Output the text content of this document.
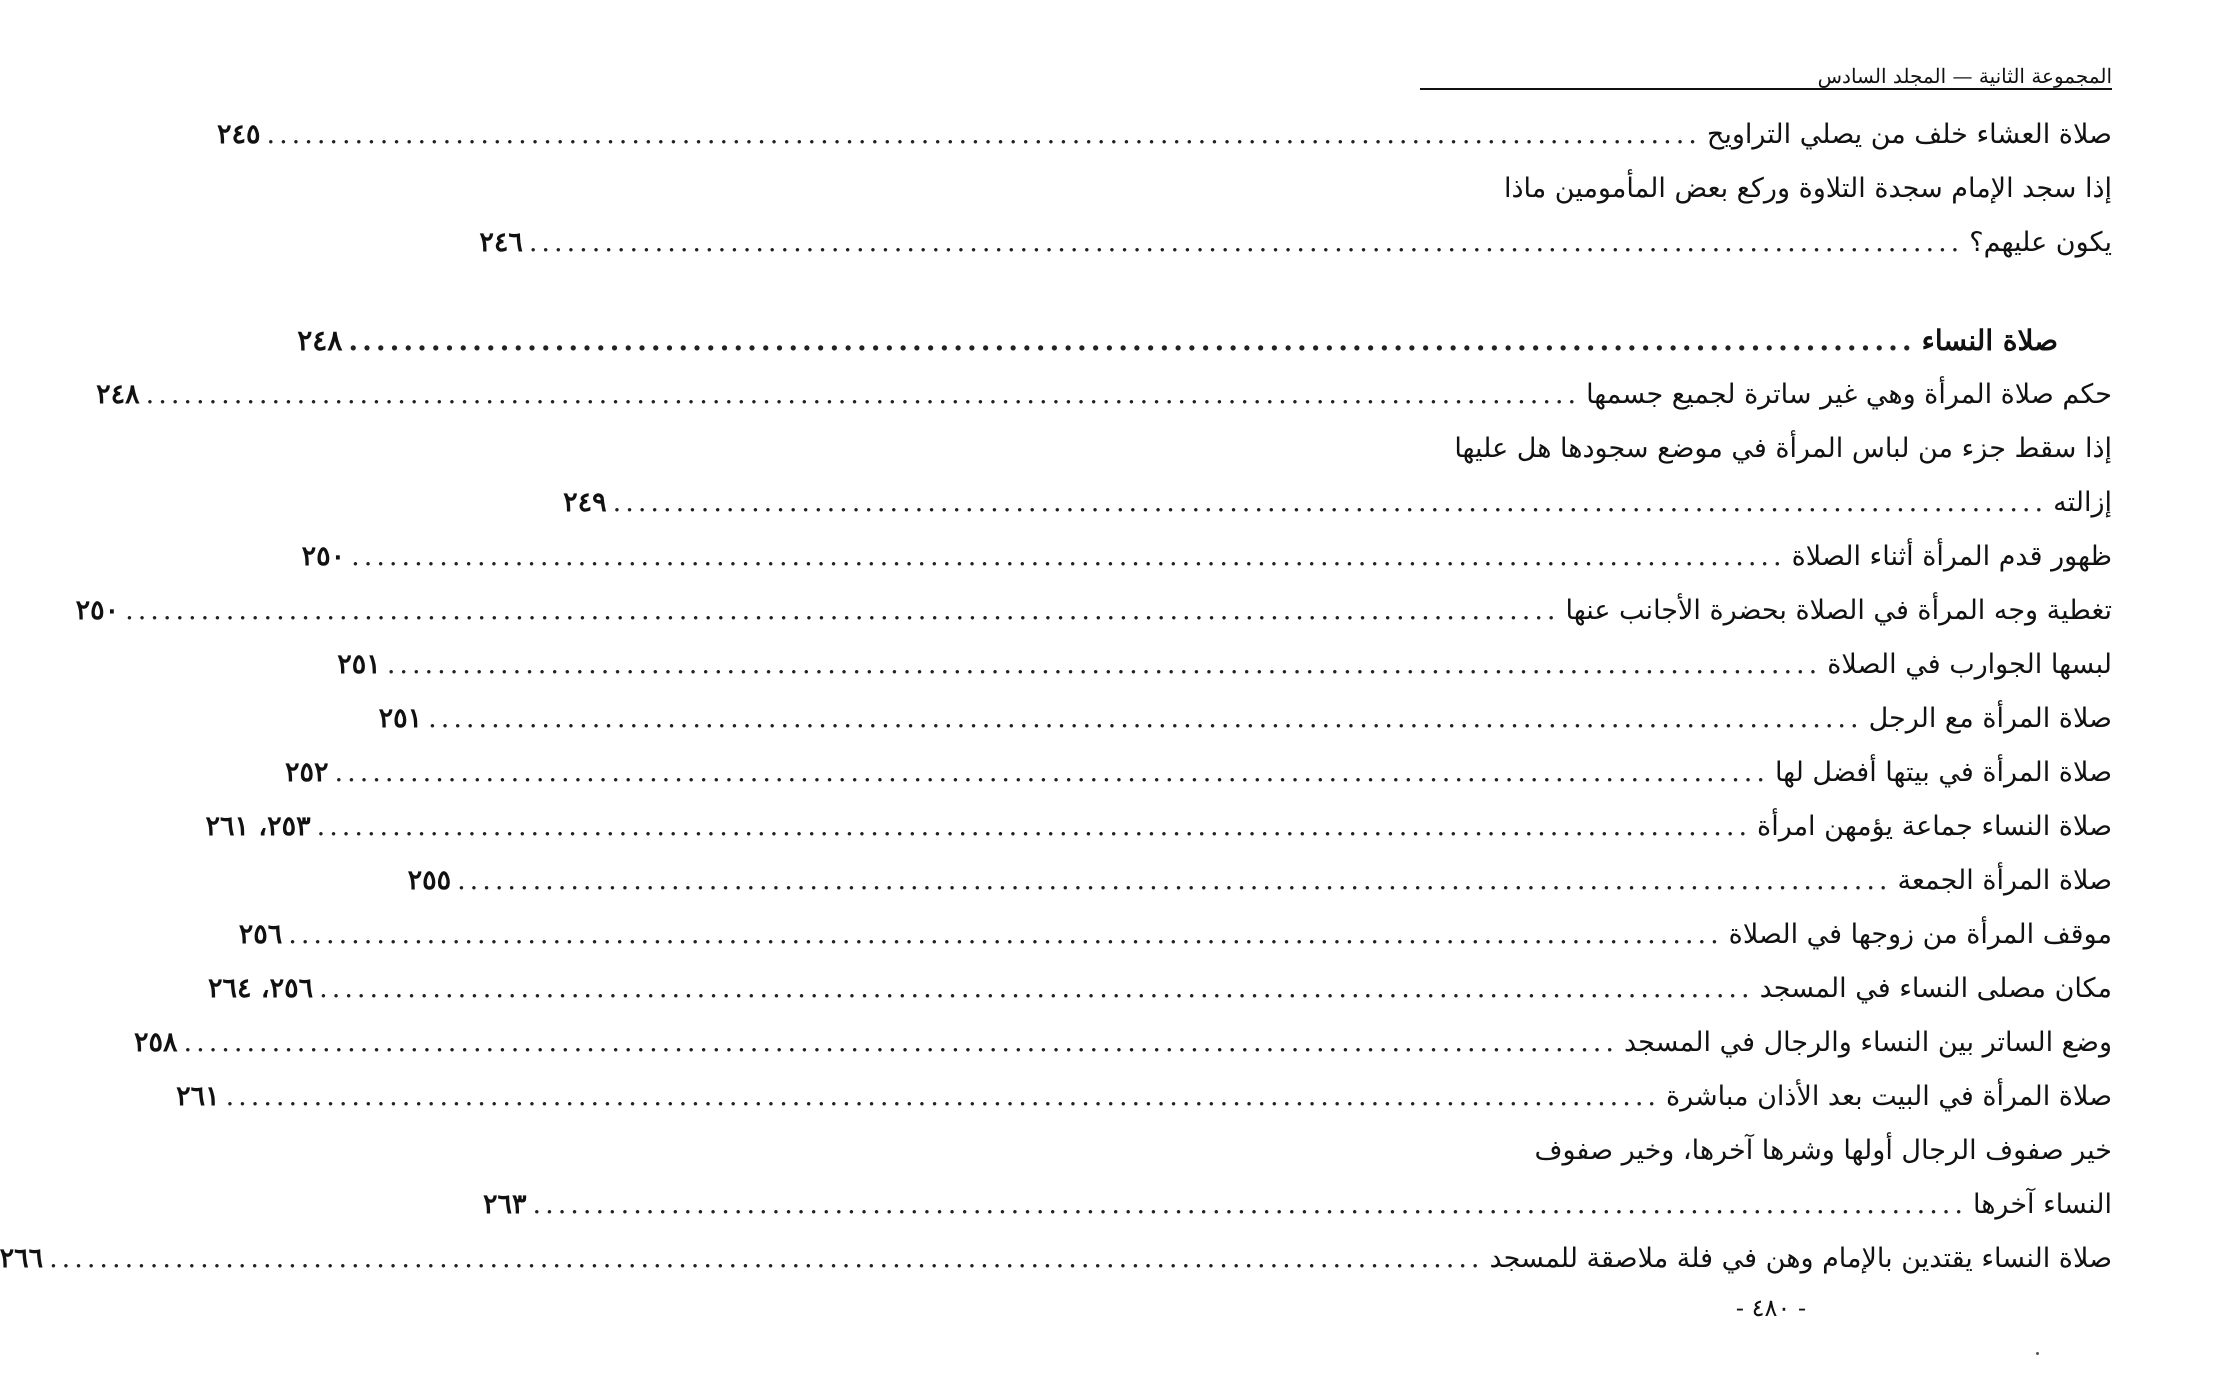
المجموعة الثانية — المجلد السادس
صلاة العشاء خلف من يصلي التراويح
..................................................................................................................
٢٤٥
إذا سجد الإمام سجدة التلاوة وركع بعض المأمومين ماذا
يكون عليهم؟
..................................................................................................................
٢٤٦
صلاة النساء
..................................................................................................................
٢٤٨
حكم صلاة المرأة وهي غير ساترة لجميع جسمها
..................................................................................................................
٢٤٨
إذا سقط جزء من لباس المرأة في موضع سجودها هل عليها
إزالته
..................................................................................................................
٢٤٩
ظهور قدم المرأة أثناء الصلاة
..................................................................................................................
٢٥٠
تغطية وجه المرأة في الصلاة بحضرة الأجانب عنها
..................................................................................................................
٢٥٠
لبسها الجوارب في الصلاة
..................................................................................................................
٢٥١
صلاة المرأة مع الرجل
..................................................................................................................
٢٥١
صلاة المرأة في بيتها أفضل لها
..................................................................................................................
٢٥٢
صلاة النساء جماعة يؤمهن امرأة
..................................................................................................................
٢٥٣، ٢٦١
صلاة المرأة الجمعة
..................................................................................................................
٢٥٥
موقف المرأة من زوجها في الصلاة
..................................................................................................................
٢٥٦
مكان مصلى النساء في المسجد
..................................................................................................................
٢٥٦، ٢٦٤
وضع الساتر بين النساء والرجال في المسجد
..................................................................................................................
٢٥٨
صلاة المرأة في البيت بعد الأذان مباشرة
..................................................................................................................
٢٦١
خير صفوف الرجال أولها وشرها آخرها، وخير صفوف
النساء آخرها
..................................................................................................................
٢٦٣
صلاة النساء يقتدين بالإمام وهن في فلة ملاصقة للمسجد
..................................................................................................................
٢٦٦
- ٤٨٠ -
